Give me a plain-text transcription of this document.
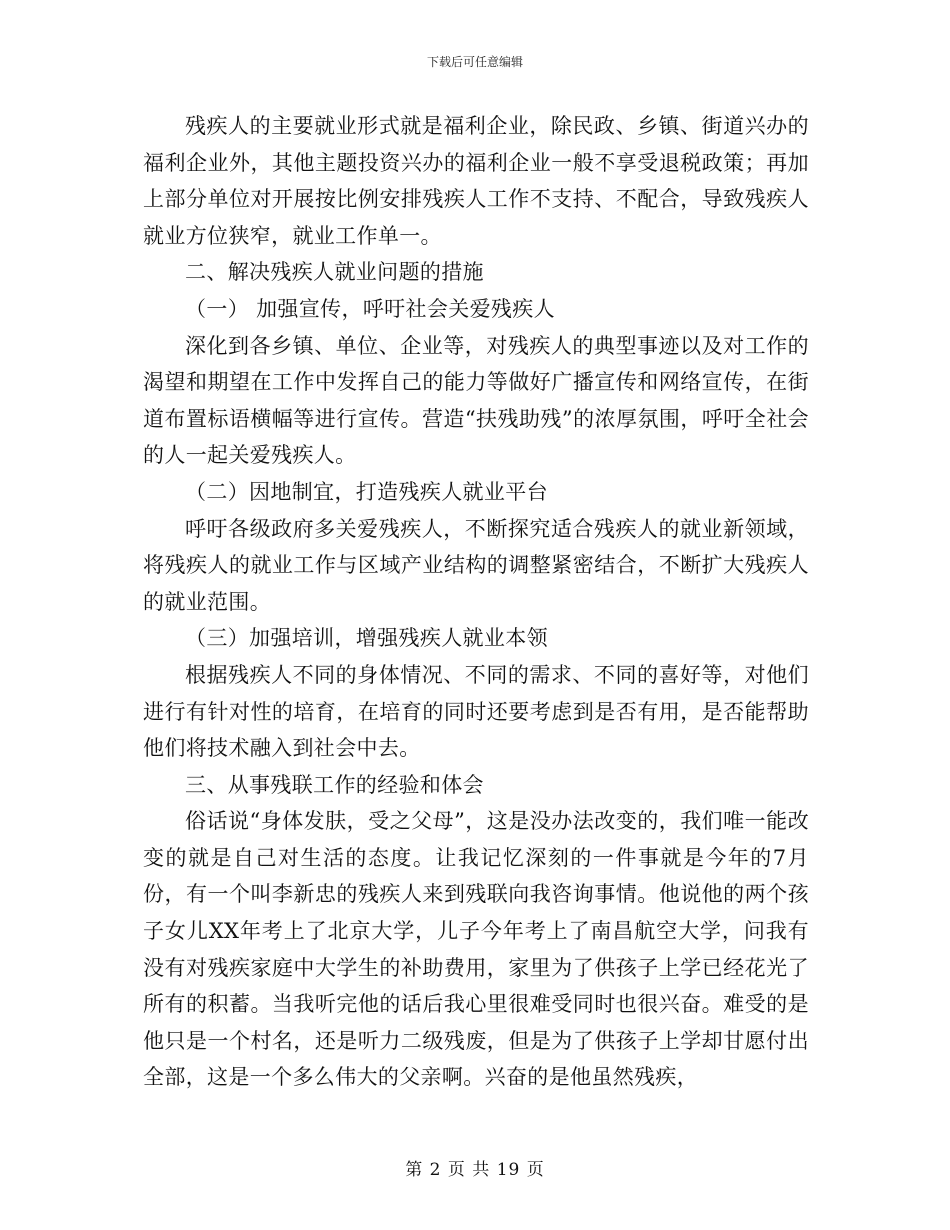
下载后可任意编辑

残疾人的主要就业形式就是福利企业，除民政、乡镇、街道兴办的福利企业外，其他主题投资兴办的福利企业一般不享受退税政策；再加上部分单位对开展按比例安排残疾人工作不支持、不配合，导致残疾人就业方位狭窄，就业工作单一。

二、解决残疾人就业问题的措施

（一） 加强宣传，呼吁社会关爱残疾人

深化到各乡镇、单位、企业等，对残疾人的典型事迹以及对工作的渴望和期望在工作中发挥自己的能力等做好广播宣传和网络宣传，在街道布置标语横幅等进行宣传。营造“扶残助残”的浓厚氛围，呼吁全社会的人一起关爱残疾人。

（二）因地制宜，打造残疾人就业平台

呼吁各级政府多关爱残疾人，不断探究适合残疾人的就业新领域，将残疾人的就业工作与区域产业结构的调整紧密结合，不断扩大残疾人的就业范围。

（三）加强培训，增强残疾人就业本领

根据残疾人不同的身体情况、不同的需求、不同的喜好等，对他们进行有针对性的培育，在培育的同时还要考虑到是否有用，是否能帮助他们将技术融入到社会中去。

三、从事残联工作的经验和体会

俗话说“身体发肤，受之父母”，这是没办法改变的，我们唯一能改变的就是自己对生活的态度。让我记忆深刻的一件事就是今年的7月份，有一个叫李新忠的残疾人来到残联向我咨询事情。他说他的两个孩子女儿XX年考上了北京大学，儿子今年考上了南昌航空大学，问我有没有对残疾家庭中大学生的补助费用，家里为了供孩子上学已经花光了所有的积蓄。当我听完他的话后我心里很难受同时也很兴奋。难受的是他只是一个村名，还是听力二级残废，但是为了供孩子上学却甘愿付出全部，这是一个多么伟大的父亲啊。兴奋的是他虽然残疾，

第 2 页 共 19 页
